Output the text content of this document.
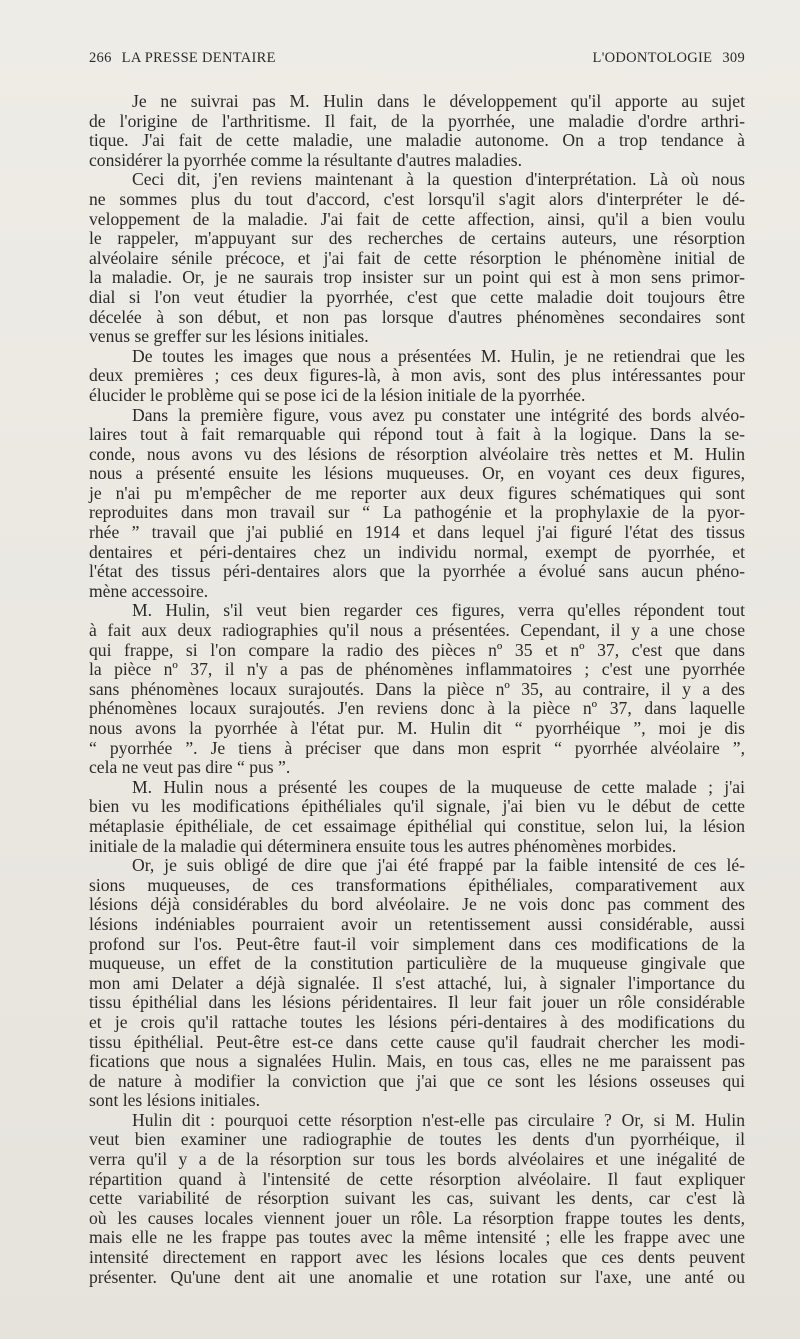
266 LA PRESSE DENTAIRE	L'ODONTOLOGIE 309
Je ne suivrai pas M. Hulin dans le développement qu'il apporte au sujet
de l'origine de l'arthritisme. Il fait, de la pyorrhée, une maladie d'ordre arthri-
tique. J'ai fait de cette maladie, une maladie autonome. On a trop tendance à
considérer la pyorrhée comme la résultante d'autres maladies.
Ceci dit, j'en reviens maintenant à la question d'interprétation. Là où nous
ne sommes plus du tout d'accord, c'est lorsqu'il s'agit alors d'interpréter le dé-
veloppement de la maladie. J'ai fait de cette affection, ainsi, qu'il a bien voulu
le rappeler, m'appuyant sur des recherches de certains auteurs, une résorption
alvéolaire sénile précoce, et j'ai fait de cette résorption le phénomène initial de
la maladie. Or, je ne saurais trop insister sur un point qui est à mon sens primor-
dial si l'on veut étudier la pyorrhée, c'est que cette maladie doit toujours être
décelée à son début, et non pas lorsque d'autres phénomènes secondaires sont
venus se greffer sur les lésions initiales.
De toutes les images que nous a présentées M. Hulin, je ne retiendrai que les
deux premières ; ces deux figures-là, à mon avis, sont des plus intéressantes pour
élucider le problème qui se pose ici de la lésion initiale de la pyorrhée.
Dans la première figure, vous avez pu constater une intégrité des bords alvéo-
laires tout à fait remarquable qui répond tout à fait à la logique. Dans la se-
conde, nous avons vu des lésions de résorption alvéolaire très nettes et M. Hulin
nous a présenté ensuite les lésions muqueuses. Or, en voyant ces deux figures,
je n'ai pu m'empêcher de me reporter aux deux figures schématiques qui sont
reproduites dans mon travail sur “ La pathogénie et la prophylaxie de la pyor-
rhée ” travail que j'ai publié en 1914 et dans lequel j'ai figuré l'état des tissus
dentaires et péri-dentaires chez un individu normal, exempt de pyorrhée, et
l'état des tissus péri-dentaires alors que la pyorrhée a évolué sans aucun phéno-
mène accessoire.
M. Hulin, s'il veut bien regarder ces figures, verra qu'elles répondent tout
à fait aux deux radiographies qu'il nous a présentées. Cependant, il y a une chose
qui frappe, si l'on compare la radio des pièces nº 35 et nº 37, c'est que dans
la pièce nº 37, il n'y a pas de phénomènes inflammatoires ; c'est une pyorrhée
sans phénomènes locaux surajoutés. Dans la pièce nº 35, au contraire, il y a des
phénomènes locaux surajoutés. J'en reviens donc à la pièce nº 37, dans laquelle
nous avons la pyorrhée à l'état pur. M. Hulin dit “ pyorrhéique ”, moi je dis
“ pyorrhée ”. Je tiens à préciser que dans mon esprit “ pyorrhée alvéolaire ”,
cela ne veut pas dire “ pus ”.
M. Hulin nous a présenté les coupes de la muqueuse de cette malade ; j'ai
bien vu les modifications épithéliales qu'il signale, j'ai bien vu le début de cette
métaplasie épithéliale, de cet essaimage épithélial qui constitue, selon lui, la lésion
initiale de la maladie qui déterminera ensuite tous les autres phénomènes morbides.
Or, je suis obligé de dire que j'ai été frappé par la faible intensité de ces lé-
sions muqueuses, de ces transformations épithéliales, comparativement aux
lésions déjà considérables du bord alvéolaire. Je ne vois donc pas comment des
lésions indéniables pourraient avoir un retentissement aussi considérable, aussi
profond sur l'os. Peut-être faut-il voir simplement dans ces modifications de la
muqueuse, un effet de la constitution particulière de la muqueuse gingivale que
mon ami Delater a déjà signalée. Il s'est attaché, lui, à signaler l'importance du
tissu épithélial dans les lésions péridentaires. Il leur fait jouer un rôle considérable
et je crois qu'il rattache toutes les lésions péri-dentaires à des modifications du
tissu épithélial. Peut-être est-ce dans cette cause qu'il faudrait chercher les modi-
fications que nous a signalées Hulin. Mais, en tous cas, elles ne me paraissent pas
de nature à modifier la conviction que j'ai que ce sont les lésions osseuses qui
sont les lésions initiales.
Hulin dit : pourquoi cette résorption n'est-elle pas circulaire ? Or, si M. Hulin
veut bien examiner une radiographie de toutes les dents d'un pyorrhéique, il
verra qu'il y a de la résorption sur tous les bords alvéolaires et une inégalité de
répartition quand à l'intensité de cette résorption alvéolaire. Il faut expliquer
cette variabilité de résorption suivant les cas, suivant les dents, car c'est là
où les causes locales viennent jouer un rôle. La résorption frappe toutes les dents,
mais elle ne les frappe pas toutes avec la même intensité ; elle les frappe avec une
intensité directement en rapport avec les lésions locales que ces dents peuvent
présenter. Qu'une dent ait une anomalie et une rotation sur l'axe, une anté ou
